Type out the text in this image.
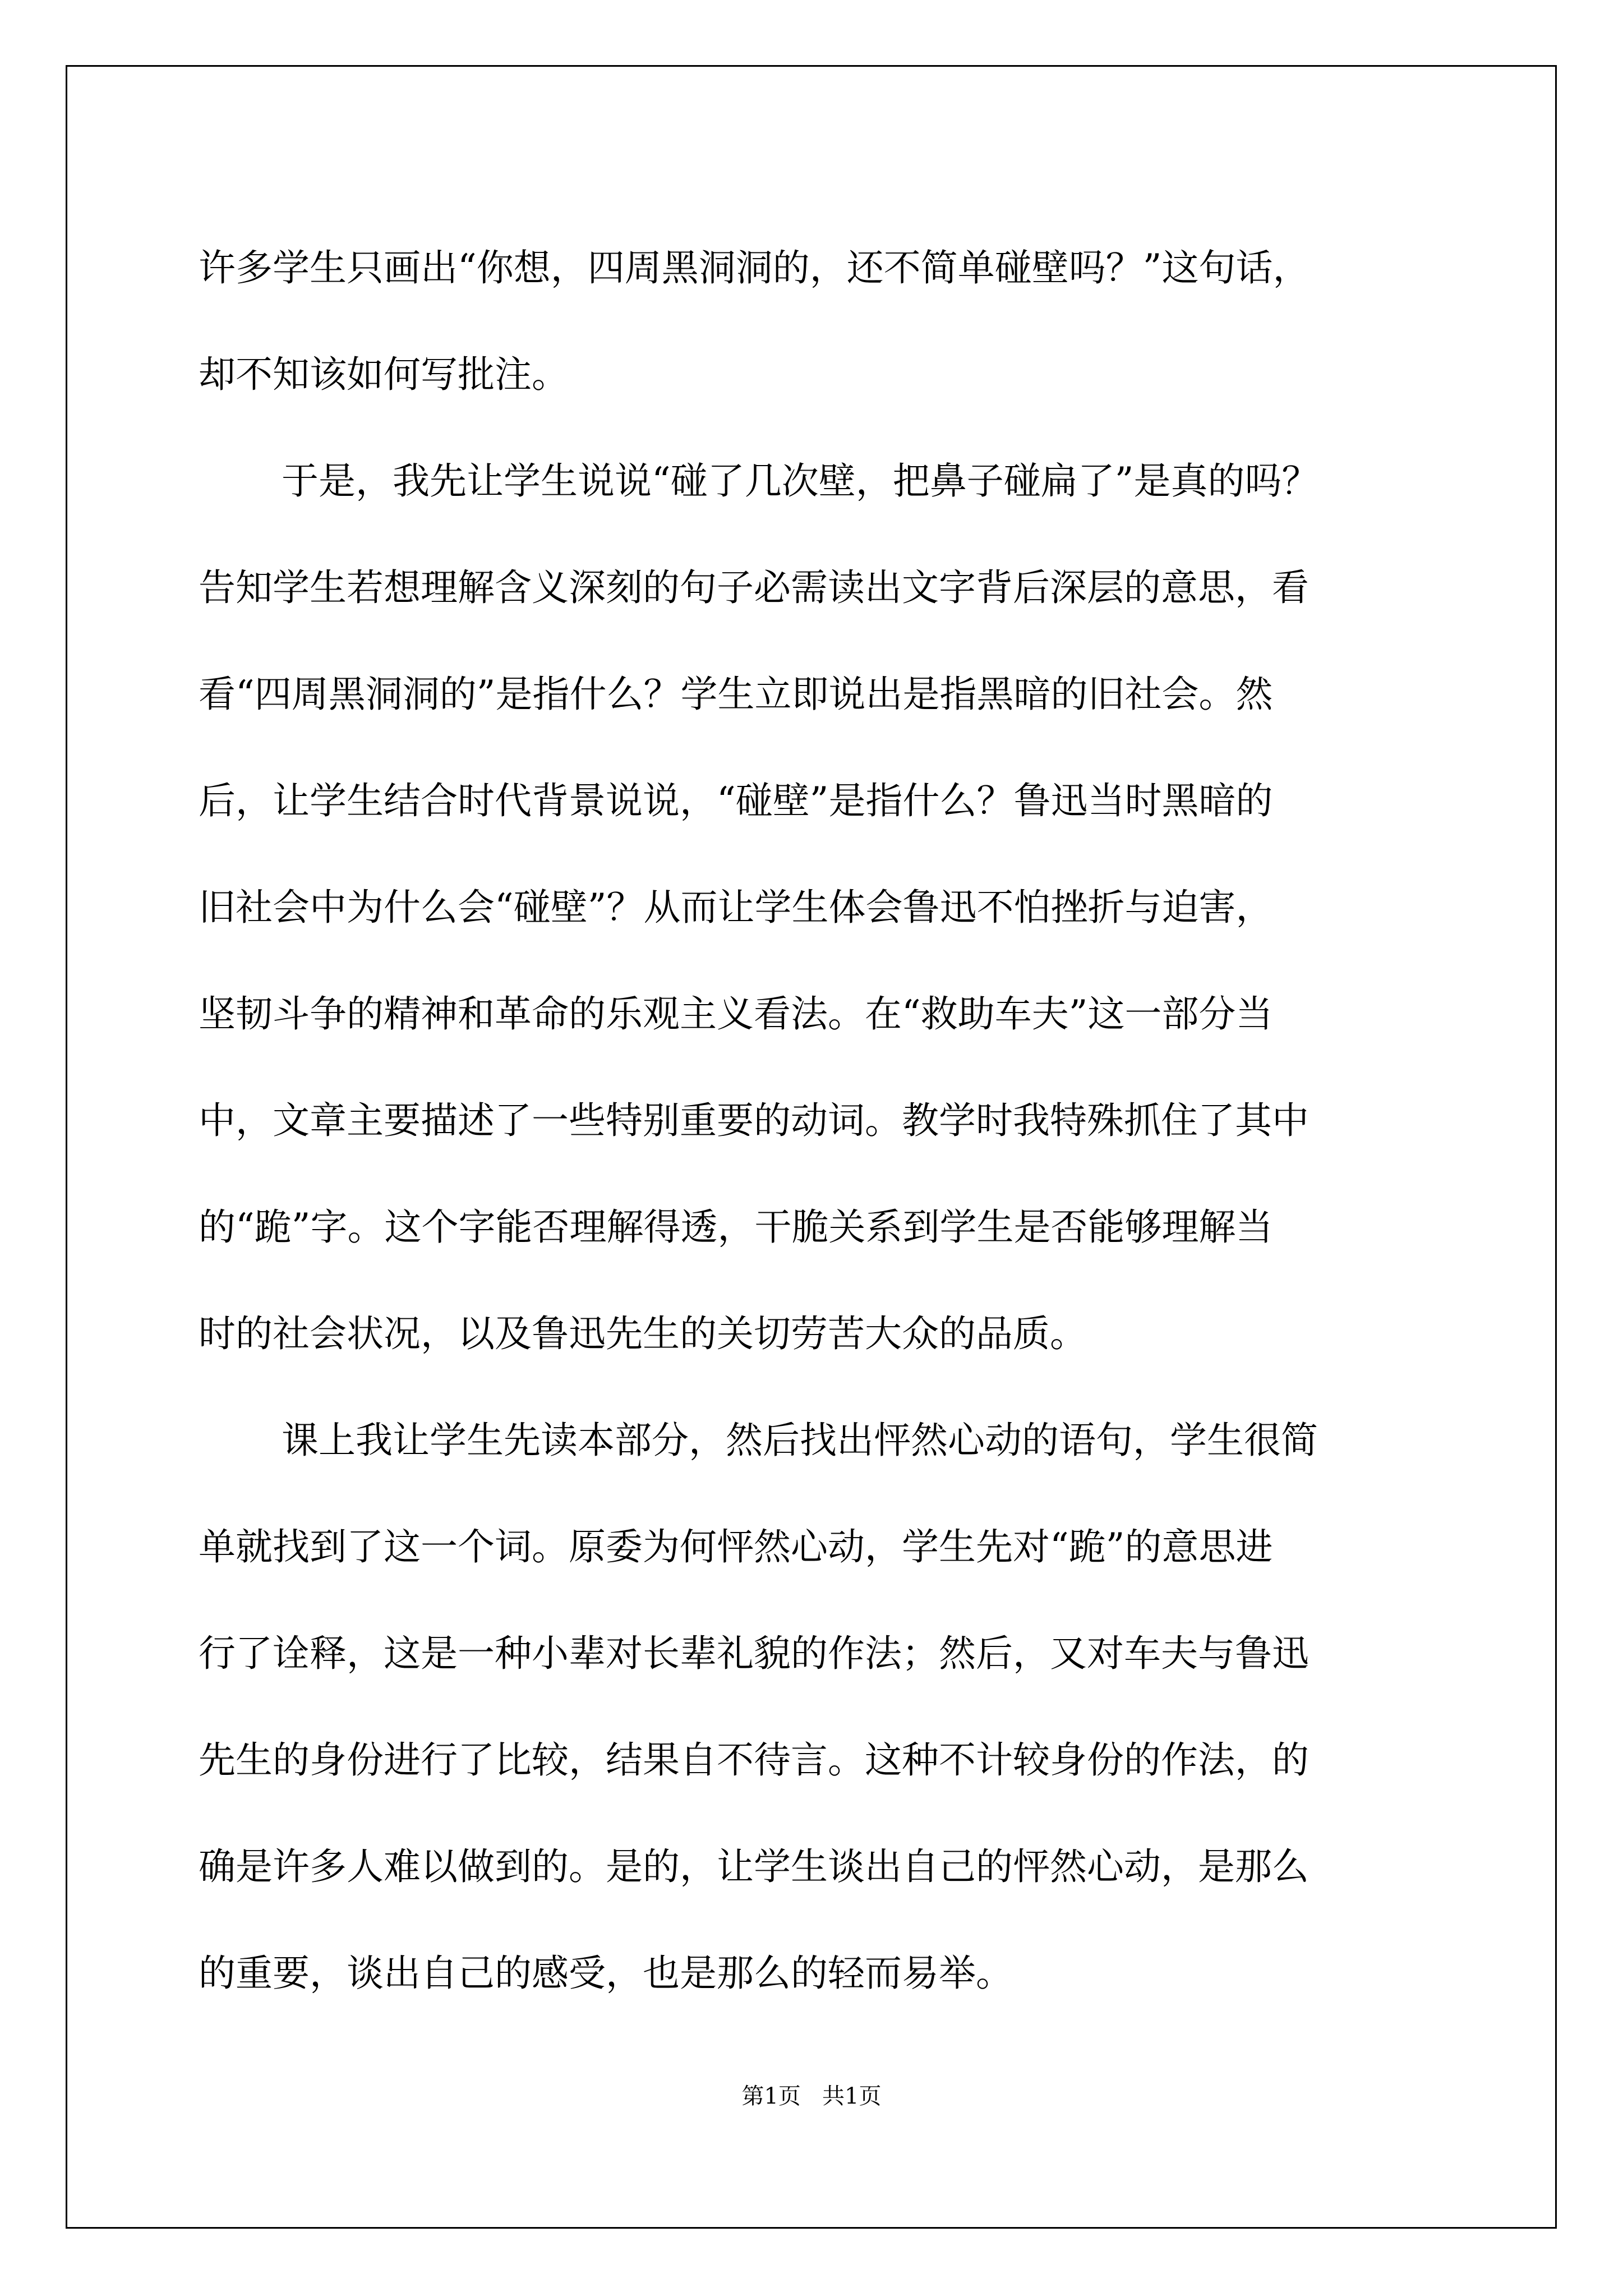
许多学生只画出“你想，四周黑洞洞的，还不简单碰壁吗？”这句话，

却不知该如何写批注。

于是，我先让学生说说“碰了几次壁，把鼻子碰扁了”是真的吗？

告知学生若想理解含义深刻的句子必需读出文字背后深层的意思，看

看“四周黑洞洞的”是指什么？学生立即说出是指黑暗的旧社会。然

后，让学生结合时代背景说说，“碰壁”是指什么？鲁迅当时黑暗的

旧社会中为什么会“碰壁”？从而让学生体会鲁迅不怕挫折与迫害，

坚韧斗争的精神和革命的乐观主义看法。在“救助车夫”这一部分当

中，文章主要描述了一些特别重要的动词。教学时我特殊抓住了其中

的“跪”字。这个字能否理解得透，干脆关系到学生是否能够理解当

时的社会状况，以及鲁迅先生的关切劳苦大众的品质。

课上我让学生先读本部分，然后找出怦然心动的语句，学生很简

单就找到了这一个词。原委为何怦然心动，学生先对“跪”的意思进

行了诠释，这是一种小辈对长辈礼貌的作法；然后，又对车夫与鲁迅

先生的身份进行了比较，结果自不待言。这种不计较身份的作法，的

确是许多人难以做到的。是的，让学生谈出自己的怦然心动，是那么

的重要，谈出自己的感受，也是那么的轻而易举。

第1页   共1页
